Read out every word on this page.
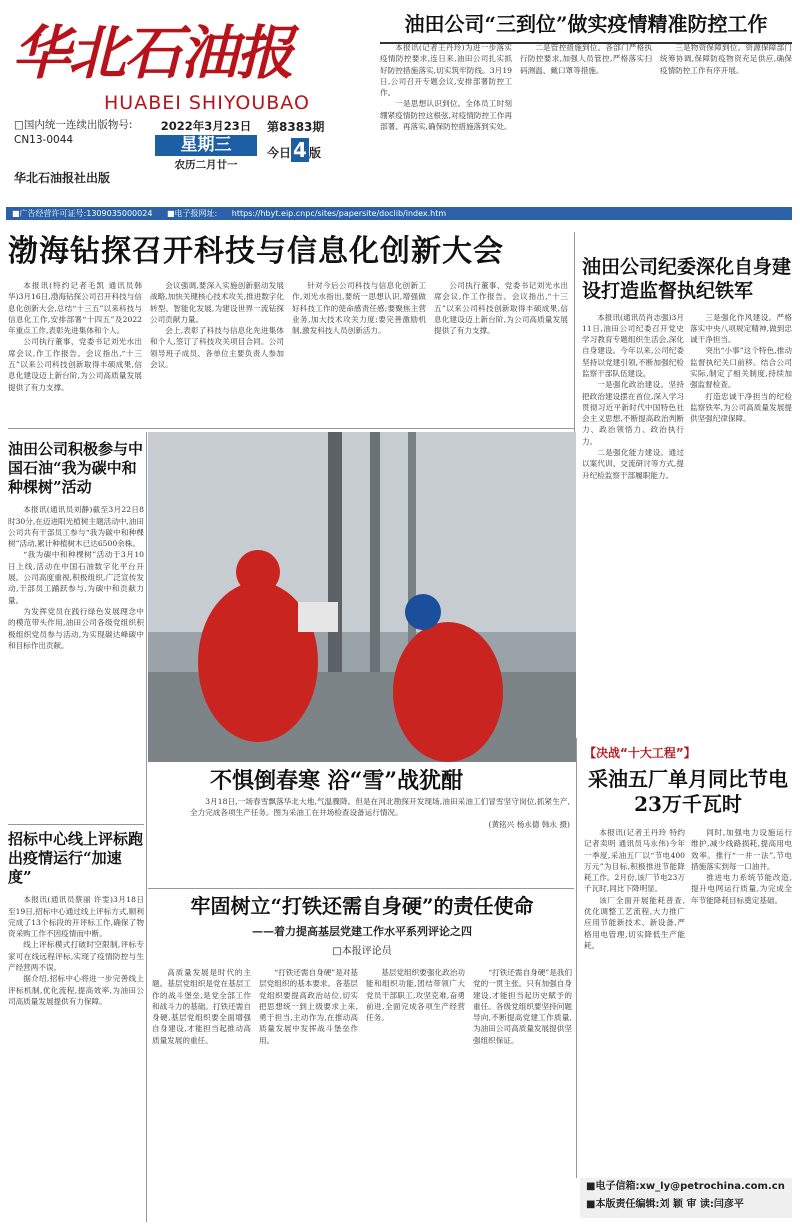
华北石油报
HUABEI SHIYOUBAO
□国内统一连续出版物号:
CN13-0044
2022年3月23日
星期三
农历二月廿一
第8383期
今日 4 版
华北石油报社出版
■广告经营许可证号:1309035000024 ■电子报网址: https://hbyt.eip.cnpc/sites/papersite/doclib/index.htm
油田公司“三到位”做实疫情精准防控工作

本报讯(记者王丹玲)为进一步落实疫情防控要求,连日来,油田公司扎实抓好防控措施落实,切实筑牢防线。3月19日,公司召开专题会议,安排部署防控工作。

一是思想认识到位。全体员工时刻绷紧疫情防控这根弦,对疫情防控工作再部署、再落实,确保防控措施落到实处。

二是管控措施到位。各部门严格执行防控要求,加强人员管控,严格落实扫码测温、戴口罩等措施。

三是物资保障到位。资源保障部门统筹协调,保障防疫物资充足供应,确保疫情防控工作有序开展。

渤海钻探召开科技与信息化创新大会

本报讯(特约记者毛凯 通讯员韩华)3月16日,渤海钻探公司召开科技与信息化创新大会,总结“十三五”以来科技与信息化工作,安排部署“十四五”及2022年重点工作,表彰先进集体和个人。

公司执行董事、党委书记刘光水出席会议,作工作报告。会议指出,“十三五”以来公司科技创新取得丰硕成果,信息化建设迈上新台阶,为公司高质量发展提供了有力支撑。

会议强调,要深入实施创新驱动发展战略,加快关键核心技术攻关,推进数字化转型、智能化发展,为建设世界一流钻探公司贡献力量。

会上,表彰了科技与信息化先进集体和个人,签订了科技攻关项目合同。公司领导班子成员、各单位主要负责人参加会议。

针对今后公司科技与信息化创新工作,刘光水指出,要统一思想认识,增强做好科技工作的使命感责任感;要聚焦主营业务,加大技术攻关力度;要完善激励机制,激发科技人员创新活力。

公司执行董事、党委书记刘光水出席会议,作工作报告。会议指出,“十三五”以来公司科技创新取得丰硕成果,信息化建设迈上新台阶,为公司高质量发展提供了有力支撑。

油田公司纪委深化自身建设打造监督执纪铁军

本报讯(通讯员肖志强)3月11日,油田公司纪委召开党史学习教育专题组织生活会,深化自身建设。今年以来,公司纪委坚持以党建引领,不断加强纪检监察干部队伍建设。

一是强化政治建设。坚持把政治建设摆在首位,深入学习贯彻习近平新时代中国特色社会主义思想,不断提高政治判断力、政治领悟力、政治执行力。

二是强化能力建设。通过以案代训、交流研讨等方式,提升纪检监察干部履职能力。

三是强化作风建设。严格落实中央八项规定精神,做到忠诚干净担当。

突出“小事”这个特色,推动监督执纪关口前移。结合公司实际,制定了相关制度,持续加强监督检查。

打造忠诚干净担当的纪检监察铁军,为公司高质量发展提供坚强纪律保障。

油田公司积极参与中国石油“我为碳中和种棵树”活动

本报讯(通讯员刘静)截至3月22日8时30分,在迈进阳光植树主题活动中,油田公司共有干部员工参与“我为碳中和种棵树”活动,累计种植树木已达6500余株。

“我为碳中和种棵树”活动于3月10日上线,活动在中国石油数字化平台开展。公司高度重视,积极组织,广泛宣传发动,干部员工踊跃参与,为碳中和贡献力量。

为发挥党员在践行绿色发展理念中的模范带头作用,油田公司各级党组织积极组织党员参与活动,为实现碳达峰碳中和目标作出贡献。

不惧倒春寒 浴“雪”战犹酣

3月18日,一场春雪飘落华北大地,气温骤降。但是在河北勘探开发现场,油田采油工们冒雪坚守岗位,抓紧生产,全力完成各项生产任务。图为采油工在井场检查设备运行情况。

(黄铭兴 杨永德 韩永 摄)

招标中心线上评标跑出疫情运行“加速度”

本报讯(通讯员蔡丽 许雯)3月18日至19日,招标中心通过线上评标方式,顺利完成了13个标段的开评标工作,确保了物资采购工作不因疫情而中断。

线上评标模式打破时空限制,评标专家可在线远程评标,实现了疫情防控与生产经营两不误。

据介绍,招标中心将进一步完善线上评标机制,优化流程,提高效率,为油田公司高质量发展提供有力保障。

牢固树立“打铁还需自身硬”的责任使命
——着力提高基层党建工作水平系列评论之四
□本报评论员

高质量发展是时代的主题。基层党组织是党在基层工作的战斗堡垒,是党全部工作和战斗力的基础。打铁还需自身硬,基层党组织要全面增强自身建设,才能担当起推动高质量发展的重任。

“打铁还需自身硬”是对基层党组织的基本要求。各基层党组织要提高政治站位,切实把思想统一到上级要求上来,勇于担当,主动作为,在推动高质量发展中发挥战斗堡垒作用。

基层党组织要强化政治功能和组织功能,团结带领广大党员干部职工,攻坚克难,奋勇前进,全面完成各项生产经营任务。

“打铁还需自身硬”是我们党的一贯主张。只有加强自身建设,才能担当起历史赋予的重任。各级党组织要坚持问题导向,不断提高党建工作质量,为油田公司高质量发展提供坚强组织保证。

【决战“十大工程”】
采油五厂单月同比节电23万千瓦时

本报讯(记者王丹玲 特约记者卖明 通讯员马永伟)今年一季度,采油五厂以“节电400万元”为目标,积极推进节能降耗工作。2月份,该厂节电23万千瓦时,同比下降明显。

该厂全面开展能耗普查,优化调整工艺流程,大力推广应用节能新技术、新设备,严格用电管理,切实降低生产能耗。

同时,加强电力设施运行维护,减少线路损耗,提高用电效率。推行“一井一法”,节电措施落实到每一口油井。

推进电力系统节能改造,提升电网运行质量,为完成全年节能降耗目标奠定基础。

■电子信箱:xw_ly@petrochina.com.cn
■本版责任编辑:刘 颖 审 读:闫彦平
